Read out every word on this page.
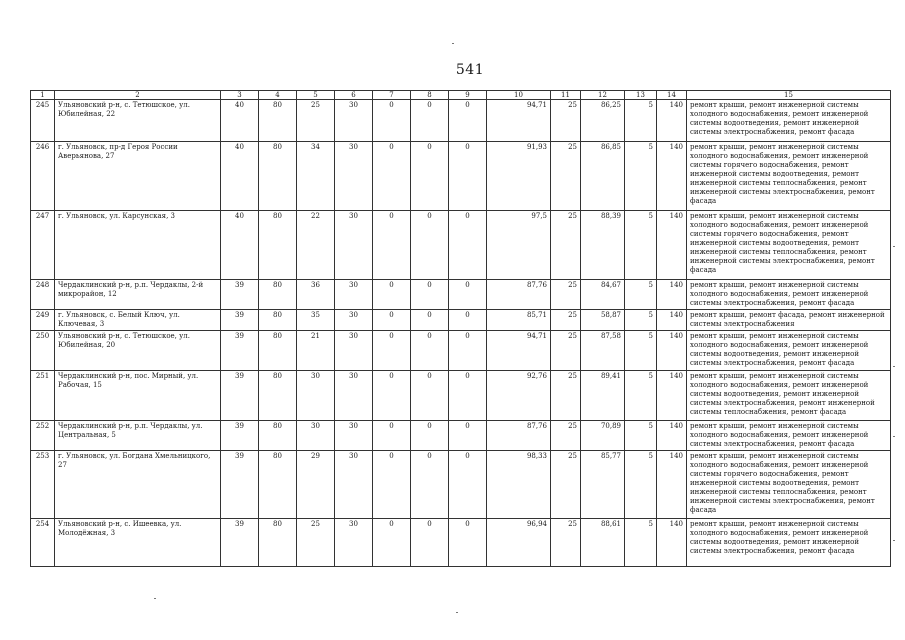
541
1	2	3	4	5	6	7	8	9	10	11	12	13	14	15
245	Ульяновский р-н, с. Тетюшское, ул. Юбилейная, 22	40	80	25	30	0	0	0	94,71	25	86,25	5	140	ремонт крыши, ремонт инженерной системы холодного водоснабжения, ремонт инженерной системы водоотведения, ремонт инженерной системы электроснабжения, ремонт фасада
246	г. Ульяновск, пр-д Героя России Аверьянова, 27	40	80	34	30	0	0	0	91,93	25	86,85	5	140	ремонт крыши, ремонт инженерной системы холодного водоснабжения, ремонт инженерной системы горячего водоснабжения, ремонт инженерной системы водоотведения, ремонт инженерной системы теплоснабжения, ремонт инженерной системы электроснабжения, ремонт фасада
247	г. Ульяновск, ул. Карсунская, 3	40	80	22	30	0	0	0	97,5	25	88,39	5	140	ремонт крыши, ремонт инженерной системы холодного водоснабжения, ремонт инженерной системы горячего водоснабжения, ремонт инженерной системы водоотведения, ремонт инженерной системы теплоснабжения, ремонт инженерной системы электроснабжения, ремонт фасада
248	Чердаклинский р-н, р.п. Чердаклы, 2-й микрорайон, 12	39	80	36	30	0	0	0	87,76	25	84,67	5	140	ремонт крыши, ремонт инженерной системы холодного водоснабжения, ремонт инженерной системы электроснабжения, ремонт фасада
249	г. Ульяновск, с. Белый Ключ, ул. Ключевая, 3	39	80	35	30	0	0	0	85,71	25	58,87	5	140	ремонт крыши, ремонт фасада, ремонт инженерной системы электроснабжения
250	Ульяновский р-н, с. Тетюшское, ул. Юбилейная, 20	39	80	21	30	0	0	0	94,71	25	87,58	5	140	ремонт крыши, ремонт инженерной системы холодного водоснабжения, ремонт инженерной системы водоотведения, ремонт инженерной системы электроснабжения, ремонт фасада
251	Чердаклинский р-н, пос. Мирный, ул. Рабочая, 15	39	80	30	30	0	0	0	92,76	25	89,41	5	140	ремонт крыши, ремонт инженерной системы холодного водоснабжения, ремонт инженерной системы водоотведения, ремонт инженерной системы электроснабжения, ремонт инженерной системы теплоснабжения, ремонт фасада
252	Чердаклинский р-н, р.п. Чердаклы, ул. Центральная, 5	39	80	30	30	0	0	0	87,76	25	70,89	5	140	ремонт крыши, ремонт инженерной системы холодного водоснабжения, ремонт инженерной системы электроснабжения, ремонт фасада
253	г. Ульяновск, ул. Богдана Хмельницкого, 27	39	80	29	30	0	0	0	98,33	25	85,77	5	140	ремонт крыши, ремонт инженерной системы холодного водоснабжения, ремонт инженерной системы горячего водоснабжения, ремонт инженерной системы водоотведения, ремонт инженерной системы теплоснабжения, ремонт инженерной системы электроснабжения, ремонт фасада
254	Ульяновский р-н, с. Ишеевка, ул. Молодёжная, 3	39	80	25	30	0	0	0	96,94	25	88,61	5	140	ремонт крыши, ремонт инженерной системы холодного водоснабжения, ремонт инженерной системы водоотведения, ремонт инженерной системы электроснабжения, ремонт фасада
